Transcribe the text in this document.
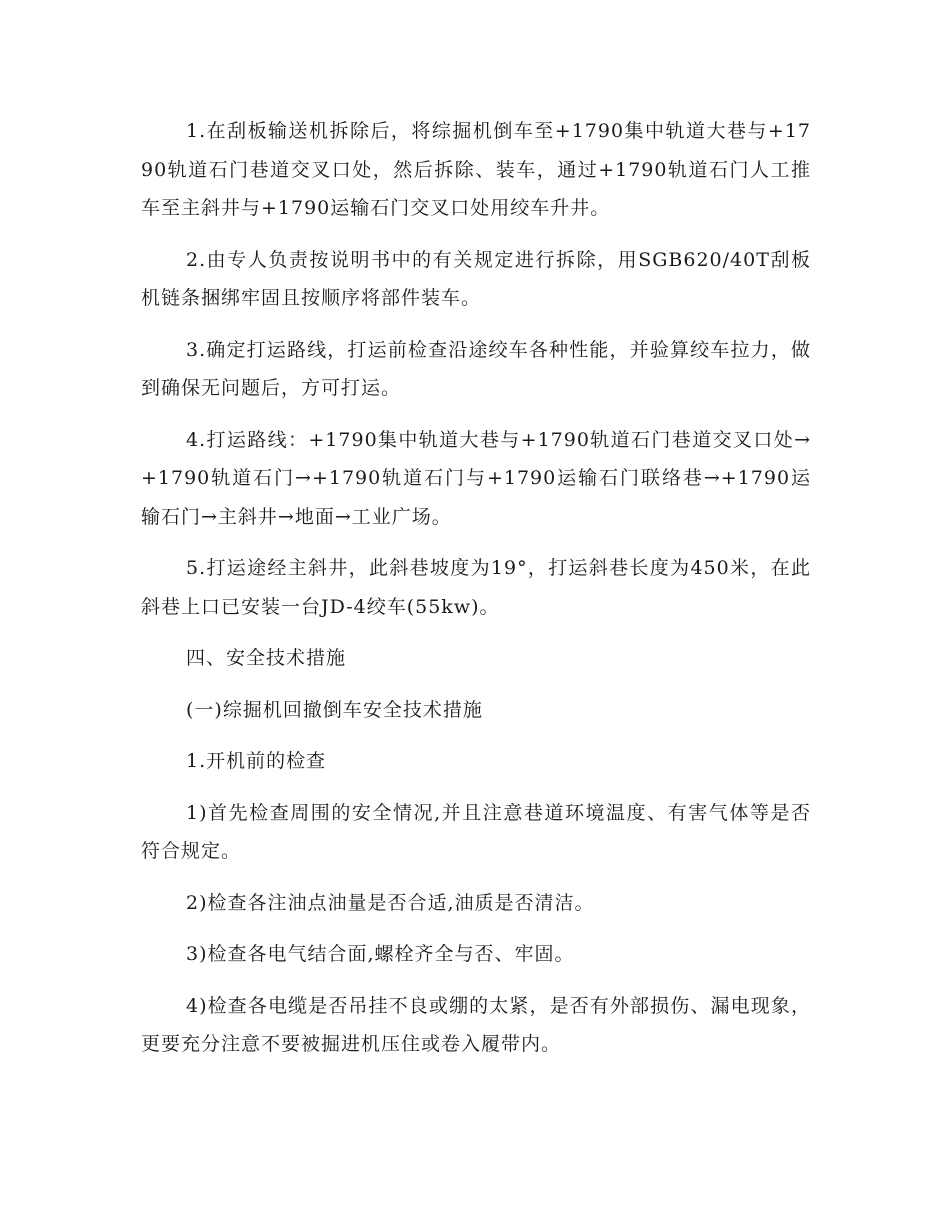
1.在刮板输送机拆除后，将综掘机倒车至+1790集中轨道大巷与+1790轨道石门巷道交叉口处，然后拆除、装车，通过+1790轨道石门人工推车至主斜井与+1790运输石门交叉口处用绞车升井。

2.由专人负责按说明书中的有关规定进行拆除，用SGB620/40T刮板机链条捆绑牢固且按顺序将部件装车。

3.确定打运路线，打运前检查沿途绞车各种性能，并验算绞车拉力，做到确保无问题后，方可打运。

4.打运路线：+1790集中轨道大巷与+1790轨道石门巷道交叉口处→+1790轨道石门→+1790轨道石门与+1790运输石门联络巷→+1790运输石门→主斜井→地面→工业广场。

5.打运途经主斜井，此斜巷坡度为19°，打运斜巷长度为450米，在此斜巷上口已安装一台JD-4绞车(55kw)。

四、安全技术措施

(一)综掘机回撤倒车安全技术措施

1.开机前的检查

1)首先检查周围的安全情况,并且注意巷道环境温度、有害气体等是否符合规定。

2)检查各注油点油量是否合适,油质是否清洁。

3)检查各电气结合面,螺栓齐全与否、牢固。

4)检查各电缆是否吊挂不良或绷的太紧，是否有外部损伤、漏电现象，更要充分注意不要被掘进机压住或卷入履带内。
